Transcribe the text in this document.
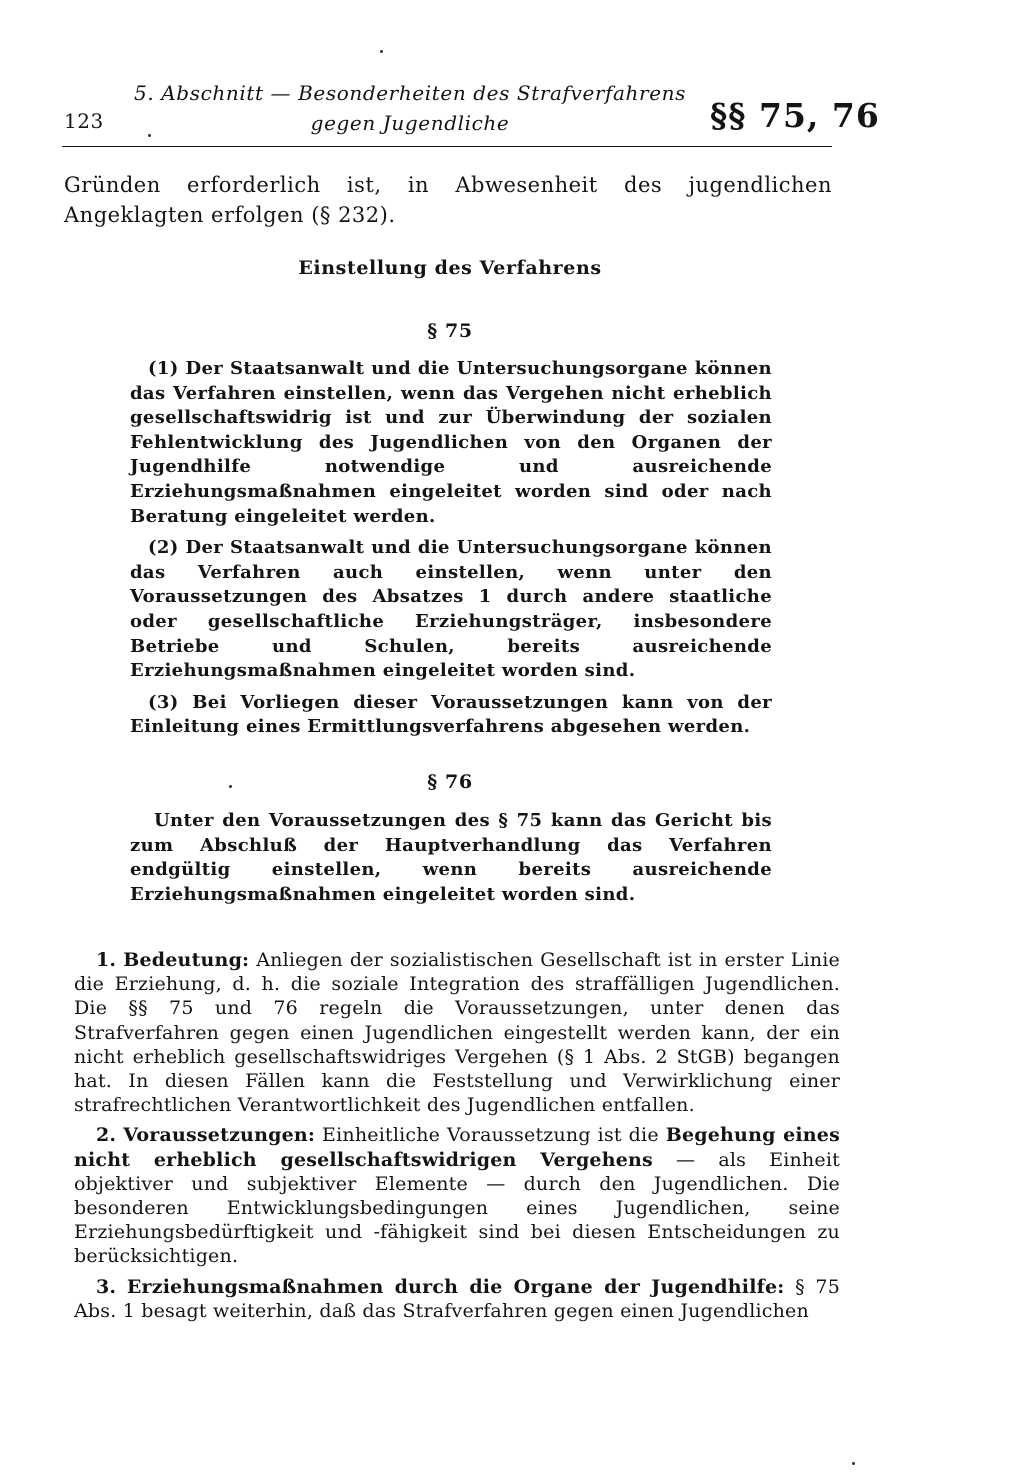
123
5. Abschnitt — Besonderheiten des Strafverfahrens
gegen Jugendliche	§§ 75, 76
Gründen erforderlich ist, in Abwesenheit des jugendlichen Angeklagten erfolgen (§ 232).
Einstellung des Verfahrens
§ 75

(1) Der Staatsanwalt und die Untersuchungsorgane können das Verfahren einstellen, wenn das Vergehen nicht erheblich gesellschaftswidrig ist und zur Überwindung der sozialen Fehlentwicklung des Jugendlichen von den Organen der Jugendhilfe notwendige und ausreichende Erziehungsmaßnahmen eingeleitet worden sind oder nach Beratung eingeleitet werden.

(2) Der Staatsanwalt und die Untersuchungsorgane können das Verfahren auch einstellen, wenn unter den Voraussetzungen des Absatzes 1 durch andere staatliche oder gesellschaftliche Erziehungsträger, insbesondere Betriebe und Schulen, bereits ausreichende Erziehungsmaßnahmen eingeleitet worden sind.

(3) Bei Vorliegen dieser Voraussetzungen kann von der Einleitung eines Ermittlungsverfahrens abgesehen werden.

§ 76

Unter den Voraussetzungen des § 75 kann das Gericht bis zum Abschluß der Hauptverhandlung das Verfahren endgültig einstellen, wenn bereits ausreichende Erziehungsmaßnahmen eingeleitet worden sind.

1. Bedeutung: Anliegen der sozialistischen Gesellschaft ist in erster Linie die Erziehung, d. h. die soziale Integration des straffälligen Jugendlichen. Die §§ 75 und 76 regeln die Voraussetzungen, unter denen das Strafverfahren gegen einen Jugendlichen eingestellt werden kann, der ein nicht erheblich gesellschaftswidriges Vergehen (§ 1 Abs. 2 StGB) begangen hat. In diesen Fällen kann die Feststellung und Verwirklichung einer strafrechtlichen Verantwortlichkeit des Jugendlichen entfallen.

2. Voraussetzungen: Einheitliche Voraussetzung ist die Begehung eines nicht erheblich gesellschaftswidrigen Vergehens — als Einheit objektiver und subjektiver Elemente — durch den Jugendlichen. Die besonderen Entwicklungsbedingungen eines Jugendlichen, seine Erziehungsbedürftigkeit und -fähigkeit sind bei diesen Entscheidungen zu berücksichtigen.

3. Erziehungsmaßnahmen durch die Organe der Jugendhilfe: § 75 Abs. 1 besagt weiterhin, daß das Strafverfahren gegen einen Jugendlichen
